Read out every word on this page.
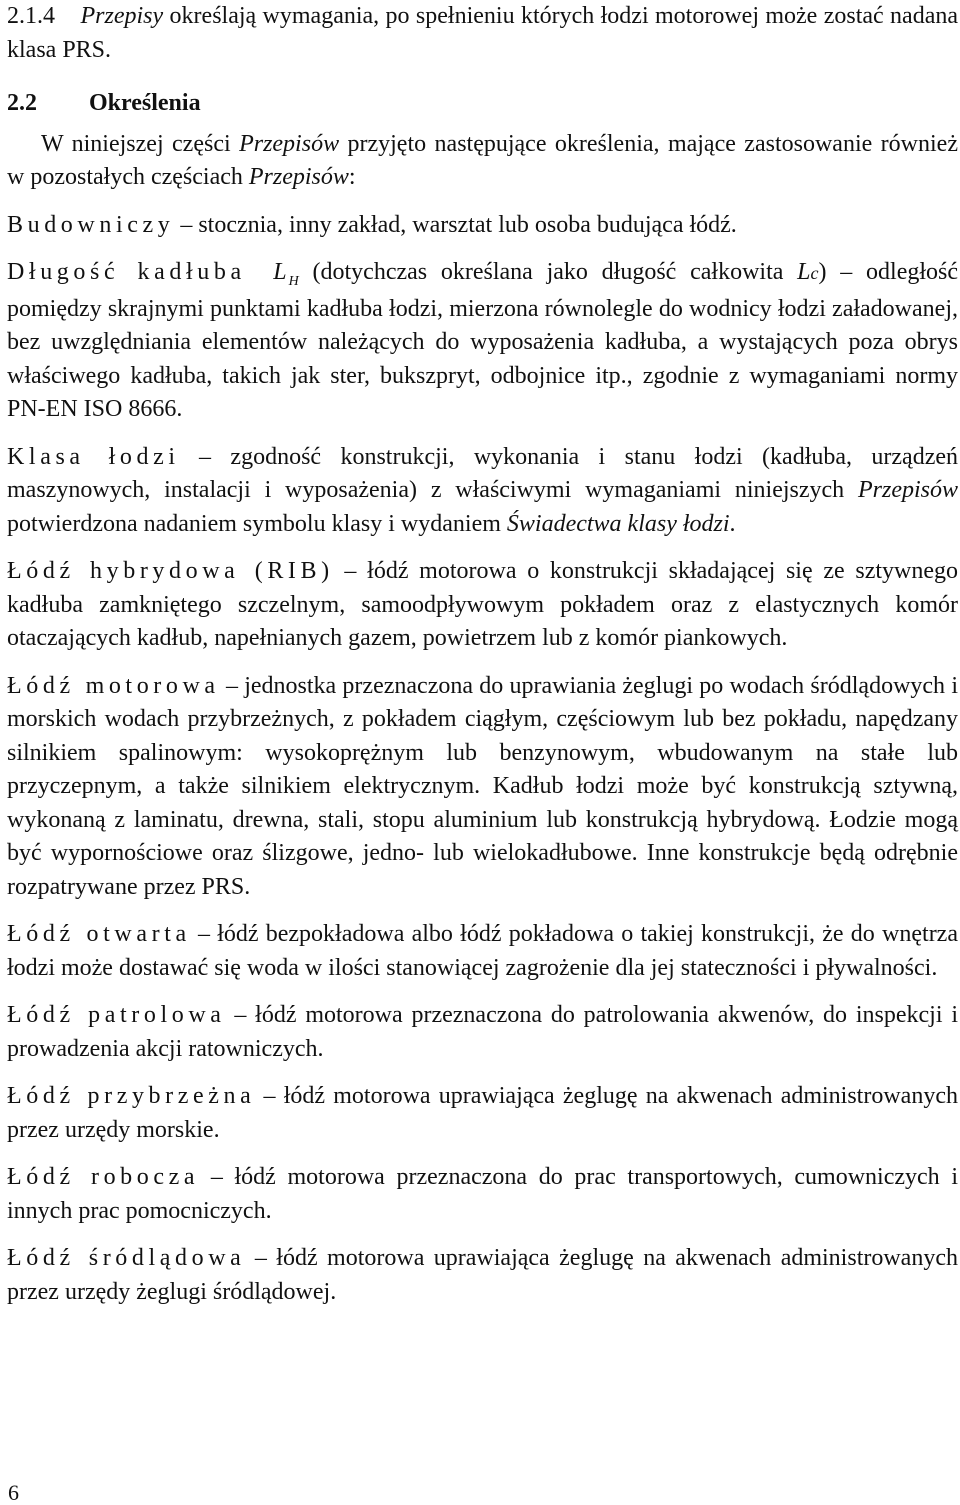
2.1.4 Przepisy określają wymagania, po spełnieniu których łodzi motorowej może zostać nadana klasa PRS.

2.2 Określenia

W niniejszej części Przepisów przyjęto następujące określenia, mające zastosowanie również w pozostałych częściach Przepisów:

Budowniczy – stocznia, inny zakład, warsztat lub osoba budująca łódź.

Długość kadłuba L $_H$ (dotychczas określana jako długość całkowita Lc) – odległość pomiędzy skrajnymi punktami kadłuba łodzi, mierzona równolegle do wodnicy łodzi załadowanej, bez uwzględniania elementów należących do wyposażenia kadłuba, a wystających poza obrys właściwego kadłuba, takich jak ster, bukszpryt, odbojnice itp., zgodnie z wymaganiami normy PN-EN ISO 8666.

Klasa łodzi – zgodność konstrukcji, wykonania i stanu łodzi (kadłuba, urządzeń maszynowych, instalacji i wyposażenia) z właściwymi wymaganiami niniejszych Przepisów potwierdzona nadaniem symbolu klasy i wydaniem Świadectwa klasy łodzi.

Łódź hybrydowa (RIB) – łódź motorowa o konstrukcji składającej się ze sztywnego kadłuba zamkniętego szczelnym, samoodpływowym pokładem oraz z elastycznych komór otaczających kadłub, napełnianych gazem, powietrzem lub z komór piankowych.

Łódź motorowa – jednostka przeznaczona do uprawiania żeglugi po wodach śródlądowych i morskich wodach przybrzeżnych, z pokładem ciągłym, częściowym lub bez pokładu, napędzany silnikiem spalinowym: wysokoprężnym lub benzynowym, wbudowanym na stałe lub przyczepnym, a także silnikiem elektrycznym. Kadłub łodzi może być konstrukcją sztywną, wykonaną z laminatu, drewna, stali, stopu aluminium lub konstrukcją hybrydową. Łodzie mogą być wypornościowe oraz ślizgowe, jedno- lub wielokadłubowe. Inne konstrukcje będą odrębnie rozpatrywane przez PRS.

Łódź otwarta – łódź bezpokładowa albo łódź pokładowa o takiej konstrukcji, że do wnętrza łodzi może dostawać się woda w ilości stanowiącej zagrożenie dla jej stateczności i pływalności.

Łódź patrolowa – łódź motorowa przeznaczona do patrolowania akwenów, do inspekcji i prowadzenia akcji ratowniczych.

Łódź przybrzeżna – łódź motorowa uprawiająca żeglugę na akwenach administrowanych przez urzędy morskie.

Łódź robocza – łódź motorowa przeznaczona do prac transportowych, cumowniczych i innych prac pomocniczych.

Łódź śródlądowa – łódź motorowa uprawiająca żeglugę na akwenach administrowanych przez urzędy żeglugi śródlądowej.

6
